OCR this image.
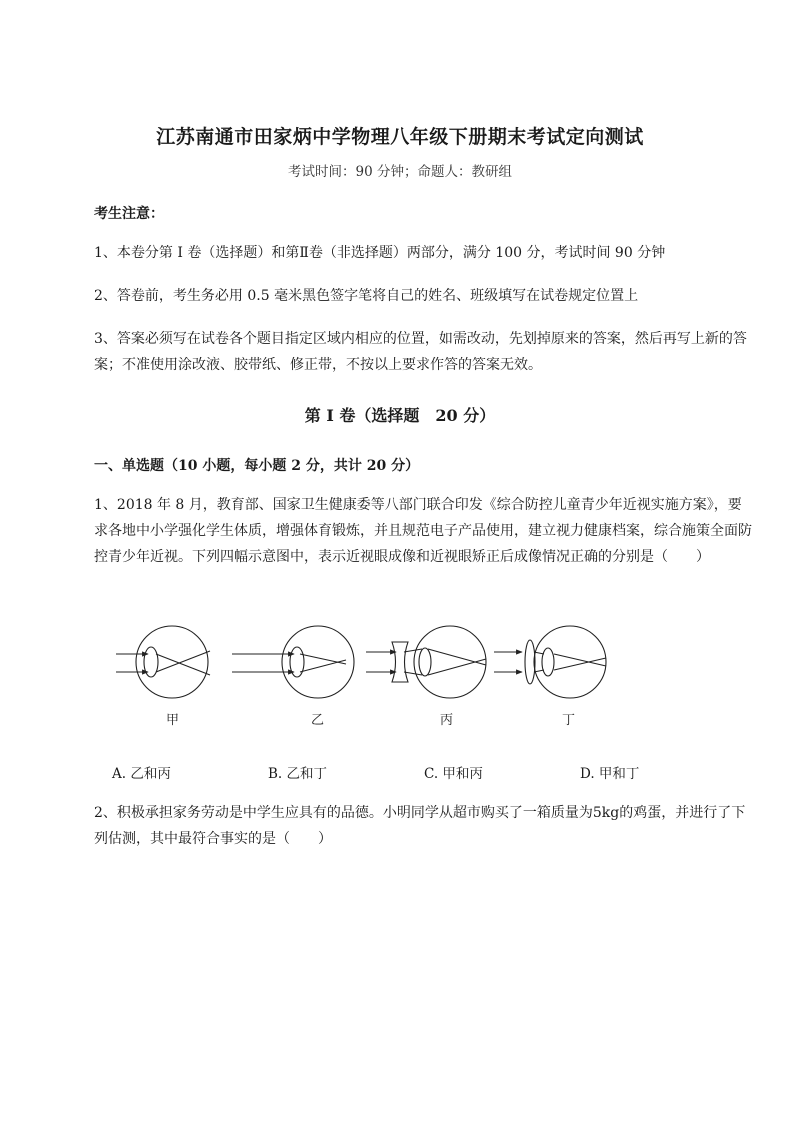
江苏南通市田家炳中学物理八年级下册期末考试定向测试
考试时间：90 分钟；命题人：教研组
考生注意：
1、本卷分第 I 卷（选择题）和第Ⅱ卷（非选择题）两部分，满分 100 分，考试时间 90 分钟
2、答卷前，考生务必用 0.5 毫米黑色签字笔将自己的姓名、班级填写在试卷规定位置上
3、答案必须写在试卷各个题目指定区域内相应的位置，如需改动，先划掉原来的答案，然后再写上新的答案；不准使用涂改液、胶带纸、修正带，不按以上要求作答的答案无效。
第 I 卷（选择题　20 分）
一、单选题（10 小题，每小题 2 分，共计 20 分）
1、2018 年 8 月，教育部、国家卫生健康委等八部门联合印发《综合防控儿童青少年近视实施方案》，要求各地中小学强化学生体质，增强体育锻炼，并且规范电子产品使用，建立视力健康档案，综合施策全面防控青少年近视。下列四幅示意图中，表示近视眼成像和近视眼矫正后成像情况正确的分别是（　　）
甲	乙	丙	丁
A. 乙和丙	B. 乙和丁	C. 甲和丙	D. 甲和丁
2、积极承担家务劳动是中学生应具有的品德。小明同学从超市购买了一箱质量为5kg的鸡蛋，并进行了下列估测，其中最符合事实的是（　　）
